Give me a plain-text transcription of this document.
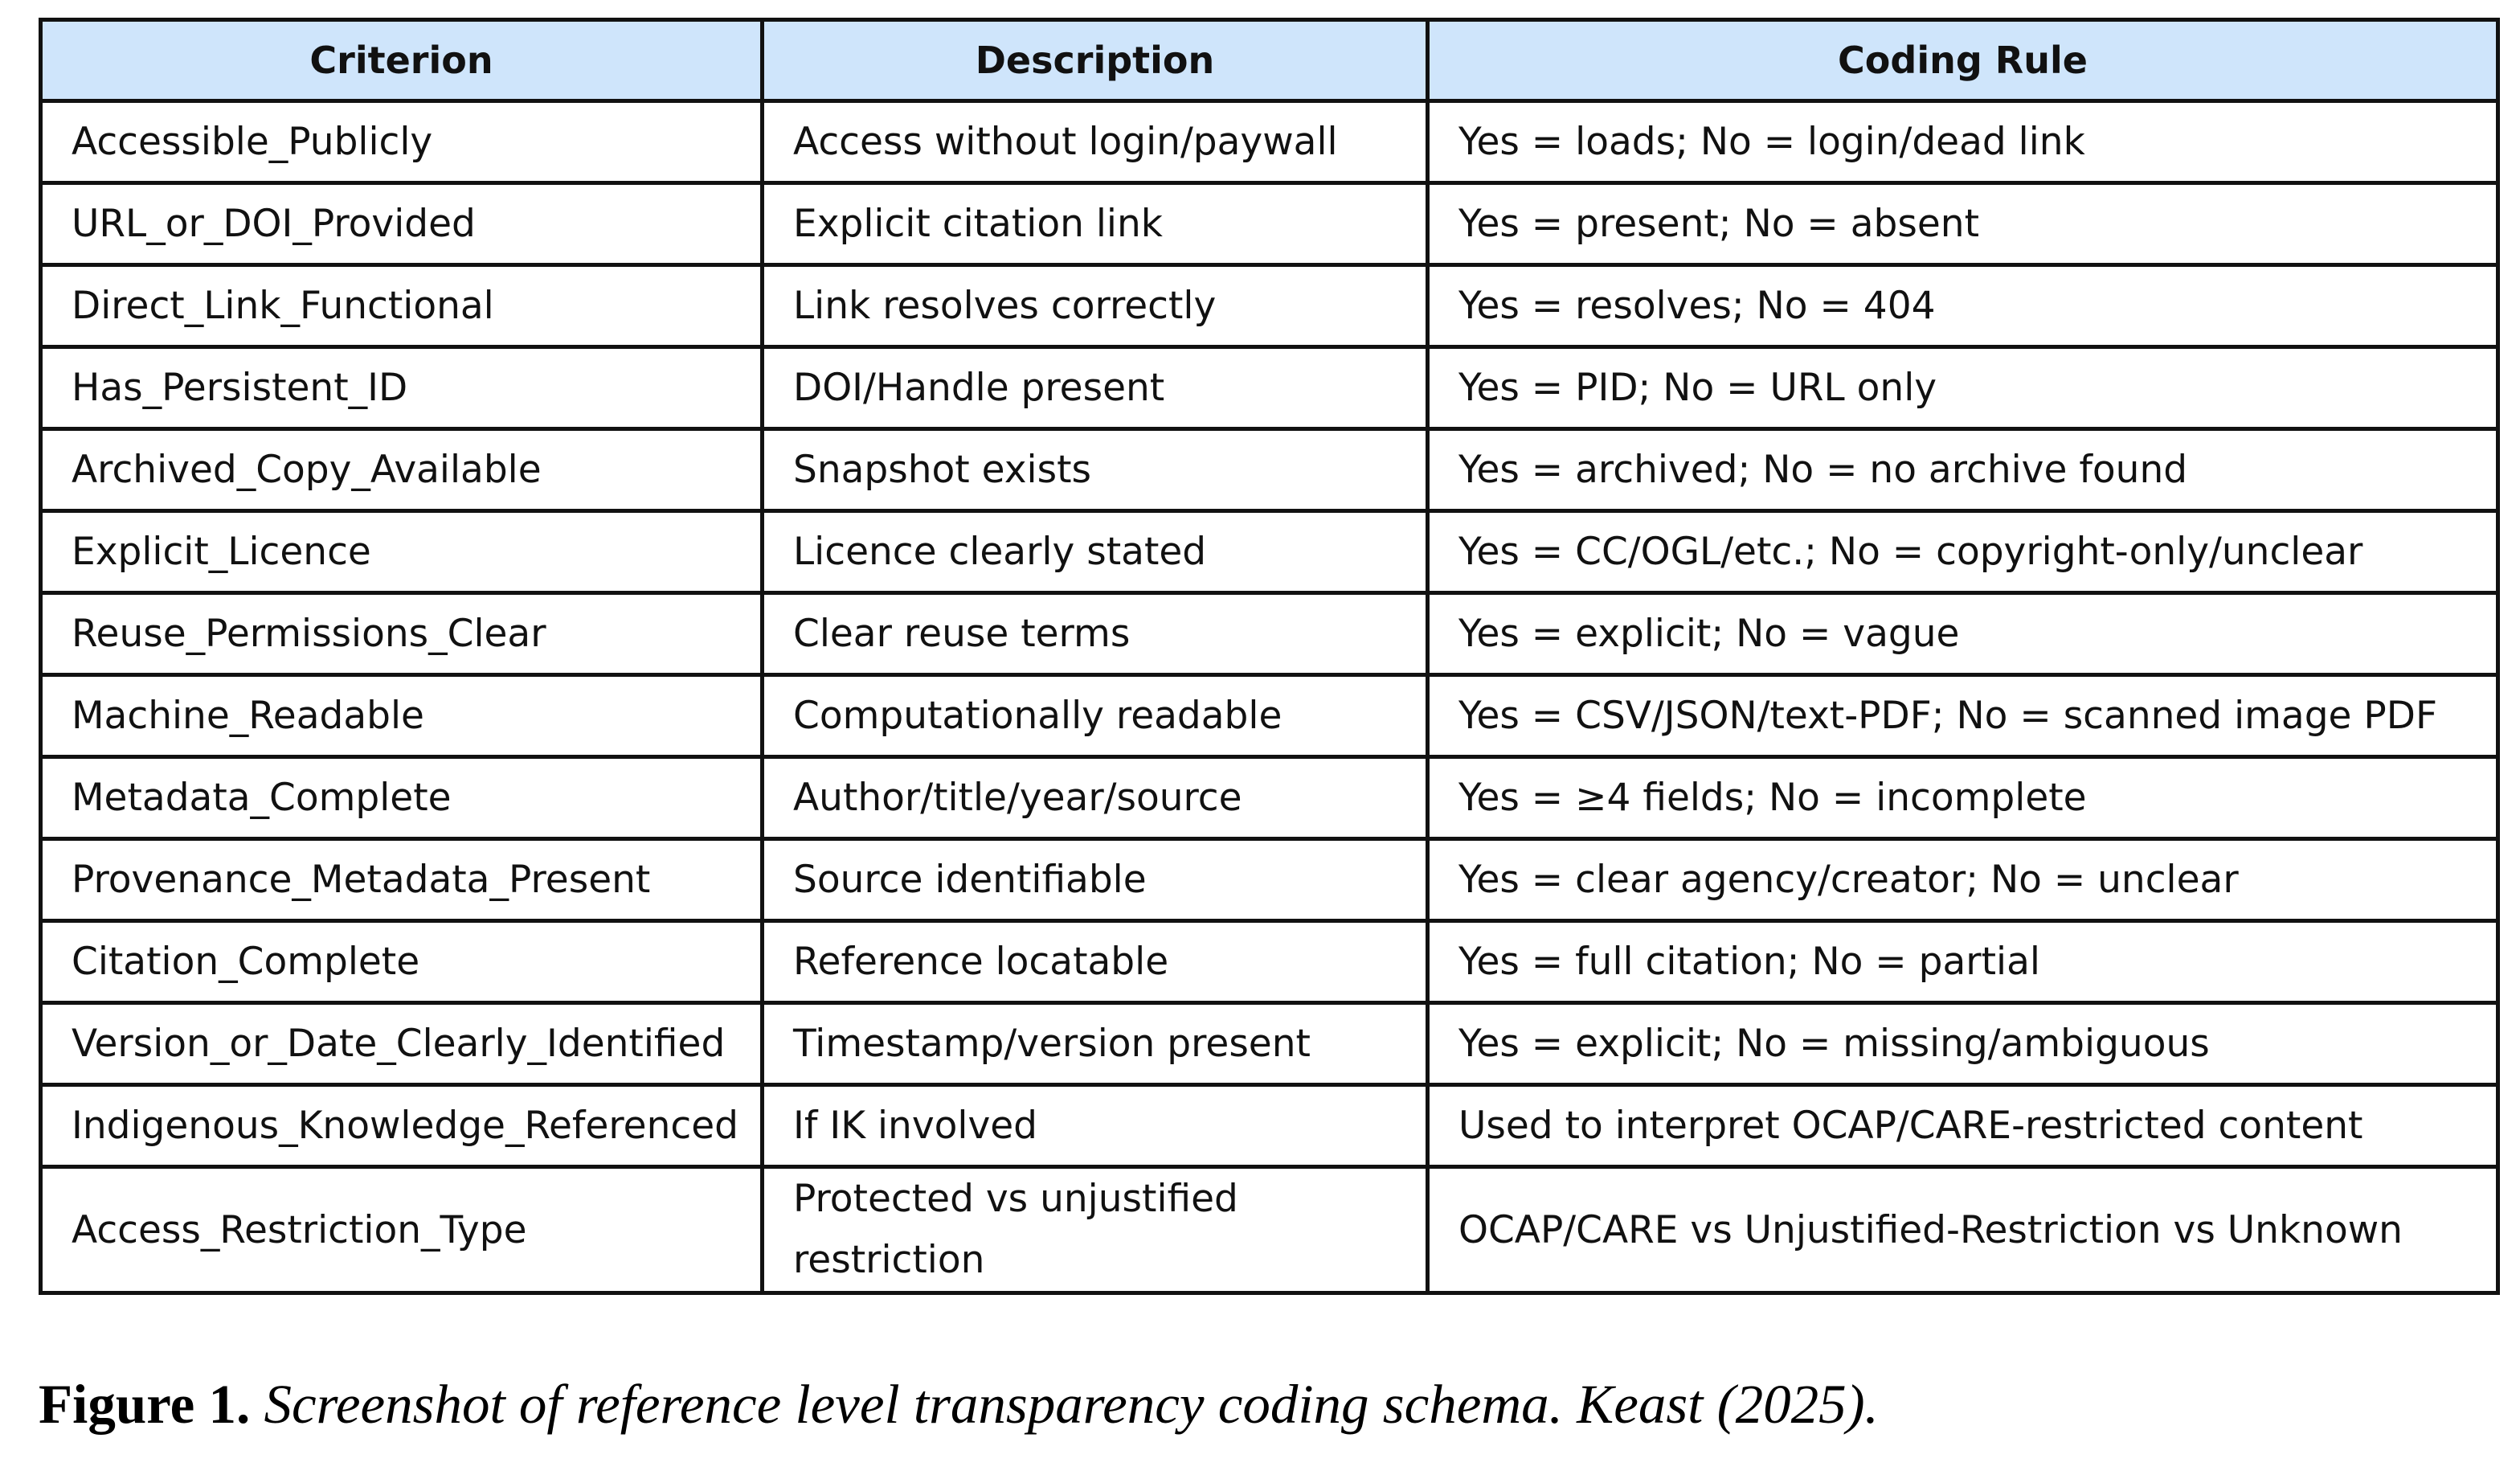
Criterion	Description	Coding Rule
Accessible_Publicly	Access without login/paywall	Yes = loads; No = login/dead link
URL_or_DOI_Provided	Explicit citation link	Yes = present; No = absent
Direct_Link_Functional	Link resolves correctly	Yes = resolves; No = 404
Has_Persistent_ID	DOI/Handle present	Yes = PID; No = URL only
Archived_Copy_Available	Snapshot exists	Yes = archived; No = no archive found
Explicit_Licence	Licence clearly stated	Yes = CC/OGL/etc.; No = copyright-only/unclear
Reuse_Permissions_Clear	Clear reuse terms	Yes = explicit; No = vague
Machine_Readable	Computationally readable	Yes = CSV/JSON/text-PDF; No = scanned image PDF
Metadata_Complete	Author/title/year/source	Yes = ≥4 fields; No = incomplete
Provenance_Metadata_Present	Source identifiable	Yes = clear agency/creator; No = unclear
Citation_Complete	Reference locatable	Yes = full citation; No = partial
Version_or_Date_Clearly_Identified	Timestamp/version present	Yes = explicit; No = missing/ambiguous
Indigenous_Knowledge_Referenced	If IK involved	Used to interpret OCAP/CARE-restricted content
Access_Restriction_Type	Protected vs unjustified restriction	OCAP/CARE vs Unjustified-Restriction vs Unknown
Figure 1. Screenshot of reference level transparency coding schema. Keast (2025).
